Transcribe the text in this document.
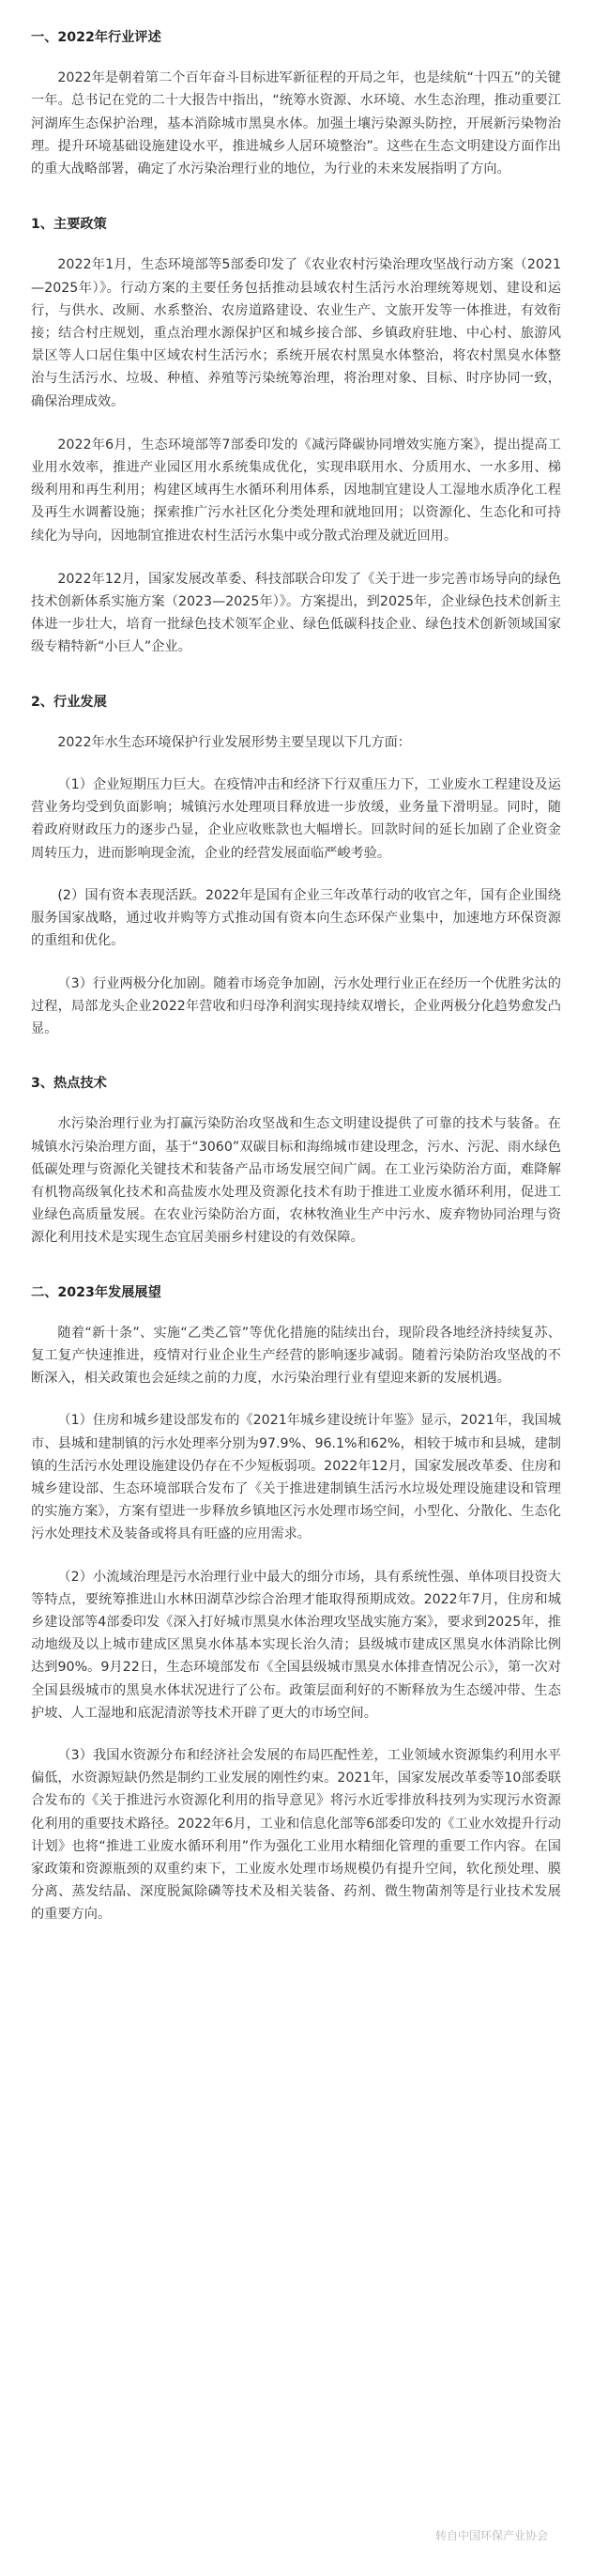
一、2022年行业评述

2022年是朝着第二个百年奋斗目标进军新征程的开局之年，也是续航“十四五”的关键一年。总书记在党的二十大报告中指出，“统筹水资源、水环境、水生态治理，推动重要江河湖库生态保护治理，基本消除城市黑臭水体。加强土壤污染源头防控，开展新污染物治理。提升环境基础设施建设水平，推进城乡人居环境整治”。这些在生态文明建设方面作出的重大战略部署，确定了水污染治理行业的地位，为行业的未来发展指明了方向。

1、主要政策

2022年1月，生态环境部等5部委印发了《农业农村污染治理攻坚战行动方案（2021—2025年）》。行动方案的主要任务包括推动县域农村生活污水治理统筹规划、建设和运行，与供水、改厕、水系整治、农房道路建设、农业生产、文旅开发等一体推进，有效衔接；结合村庄规划，重点治理水源保护区和城乡接合部、乡镇政府驻地、中心村、旅游风景区等人口居住集中区域农村生活污水；系统开展农村黑臭水体整治，将农村黑臭水体整治与生活污水、垃圾、种植、养殖等污染统筹治理，将治理对象、目标、时序协同一致，确保治理成效。

2022年6月，生态环境部等7部委印发的《减污降碳协同增效实施方案》，提出提高工业用水效率，推进产业园区用水系统集成优化，实现串联用水、分质用水、一水多用、梯级利用和再生利用；构建区域再生水循环利用体系，因地制宜建设人工湿地水质净化工程及再生水调蓄设施；探索推广污水社区化分类处理和就地回用；以资源化、生态化和可持续化为导向，因地制宜推进农村生活污水集中或分散式治理及就近回用。

2022年12月，国家发展改革委、科技部联合印发了《关于进一步完善市场导向的绿色技术创新体系实施方案（2023—2025年）》。方案提出，到2025年，企业绿色技术创新主体进一步壮大，培育一批绿色技术领军企业、绿色低碳科技企业、绿色技术创新领域国家级专精特新“小巨人”企业。

2、行业发展

2022年水生态环境保护行业发展形势主要呈现以下几方面：

（1）企业短期压力巨大。在疫情冲击和经济下行双重压力下，工业废水工程建设及运营业务均受到负面影响；城镇污水处理项目释放进一步放缓，业务量下滑明显。同时，随着政府财政压力的逐步凸显，企业应收账款也大幅增长。回款时间的延长加剧了企业资金周转压力，进而影响现金流，企业的经营发展面临严峻考验。

(2）国有资本表现活跃。2022年是国有企业三年改革行动的收官之年，国有企业围绕服务国家战略，通过收并购等方式推动国有资本向生态环保产业集中，加速地方环保资源的重组和优化。

（3）行业两极分化加剧。随着市场竞争加剧，污水处理行业正在经历一个优胜劣汰的过程，局部龙头企业2022年营收和归母净利润实现持续双增长，企业两极分化趋势愈发凸显。

3、热点技术

水污染治理行业为打赢污染防治攻坚战和生态文明建设提供了可靠的技术与装备。在城镇水污染治理方面，基于“3060”双碳目标和海绵城市建设理念，污水、污泥、雨水绿色低碳处理与资源化关键技术和装备产品市场发展空间广阔。在工业污染防治方面，难降解有机物高级氧化技术和高盐废水处理及资源化技术有助于推进工业废水循环利用，促进工业绿色高质量发展。在农业污染防治方面，农林牧渔业生产中污水、废弃物协同治理与资源化利用技术是实现生态宜居美丽乡村建设的有效保障。

二、2023年发展展望

随着“新十条”、实施“乙类乙管”等优化措施的陆续出台，现阶段各地经济持续复苏、复工复产快速推进，疫情对行业企业生产经营的影响逐步减弱。随着污染防治攻坚战的不断深入，相关政策也会延续之前的力度，水污染治理行业有望迎来新的发展机遇。

（1）住房和城乡建设部发布的《2021年城乡建设统计年鉴》显示，2021年，我国城市、县城和建制镇的污水处理率分别为97.9%、96.1%和62%，相较于城市和县城，建制镇的生活污水处理设施建设仍存在不少短板弱项。2022年12月，国家发展改革委、住房和城乡建设部、生态环境部联合发布了《关于推进建制镇生活污水垃圾处理设施建设和管理的实施方案》，方案有望进一步释放乡镇地区污水处理市场空间，小型化、分散化、生态化污水处理技术及装备或将具有旺盛的应用需求。

（2）小流域治理是污水治理行业中最大的细分市场，具有系统性强、单体项目投资大等特点，要统筹推进山水林田湖草沙综合治理才能取得预期成效。2022年7月，住房和城乡建设部等4部委印发《深入打好城市黑臭水体治理攻坚战实施方案》，要求到2025年，推动地级及以上城市建成区黑臭水体基本实现长治久清；县级城市建成区黑臭水体消除比例达到90%。9月22日，生态环境部发布《全国县级城市黑臭水体排查情况公示》，第一次对全国县级城市的黑臭水体状况进行了公布。政策层面利好的不断释放为生态缓冲带、生态护坡、人工湿地和底泥清淤等技术开辟了更大的市场空间。

（3）我国水资源分布和经济社会发展的布局匹配性差，工业领域水资源集约利用水平偏低，水资源短缺仍然是制约工业发展的刚性约束。2021年，国家发展改革委等10部委联合发布的《关于推进污水资源化利用的指导意见》将污水近零排放科技列为实现污水资源化利用的重要技术路径。2022年6月，工业和信息化部等6部委印发的《工业水效提升行动计划》也将“推进工业废水循环利用”作为强化工业用水精细化管理的重要工作内容。在国家政策和资源瓶颈的双重约束下，工业废水处理市场规模仍有提升空间，软化预处理、膜分离、蒸发结晶、深度脱氮除磷等技术及相关装备、药剂、微生物菌剂等是行业技术发展的重要方向。

转自中国环保产业协会
